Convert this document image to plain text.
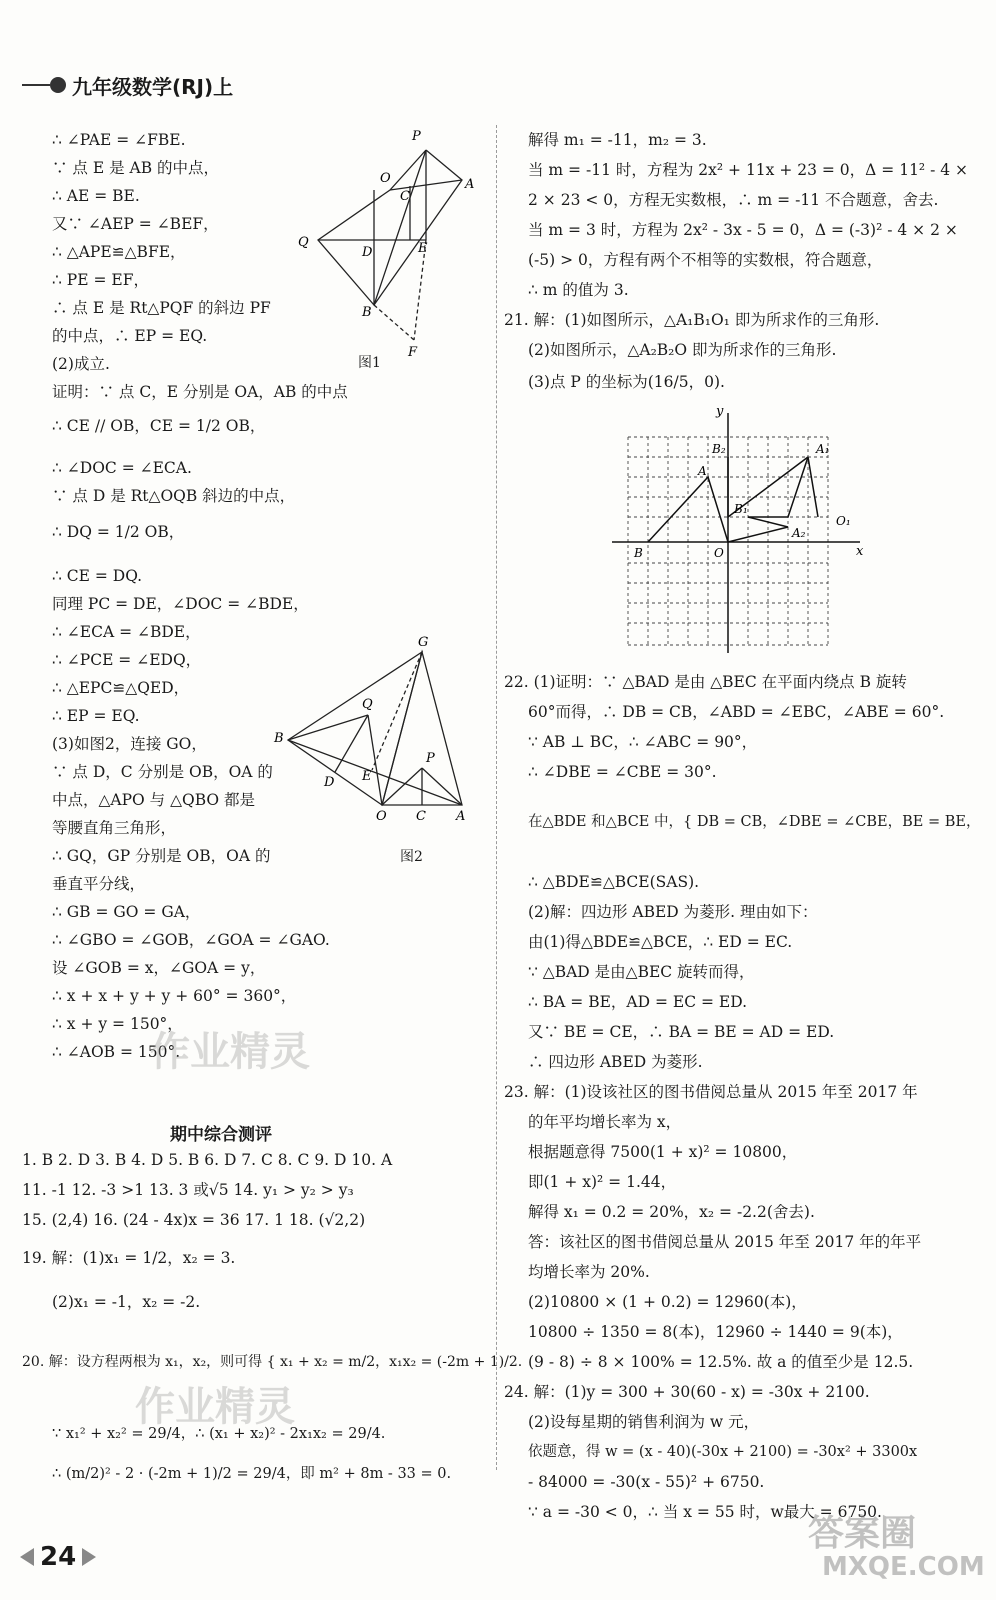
九年级数学(RJ)上
∴ ∠PAE = ∠FBE.
∵ 点 E 是 AB 的中点，
∴ AE = BE.
又∵ ∠AEP = ∠BEF，
∴ △APE≌△BFE，
∴ PE = EF，
∴ 点 E 是 Rt△PQF 的斜边 PF
的中点，∴ EP = EQ.
(2)成立.
证明：∵ 点 C，E 分别是 OA，AB 的中点
∴ CE // OB，CE = 1/2 OB，
∴ ∠DOC = ∠ECA.
∵ 点 D 是 Rt△OQB 斜边的中点，
∴ DQ = 1/2 OB，
∴ CE = DQ.
同理 PC = DE，∠DOC = ∠BDE，
∴ ∠ECA = ∠BDE，
∴ ∠PCE = ∠EDQ，
∴ △EPC≌△QED，
∴ EP = EQ.
(3)如图2，连接 GO，
∵ 点 D，C 分别是 OB，OA 的
中点，△APO 与 △QBO 都是
等腰直角三角形，
∴ GQ，GP 分别是 OB，OA 的
垂直平分线，
∴ GB = GO = GA，
∴ ∠GBO = ∠GOB，∠GOA = ∠GAO.
设 ∠GOB = x，∠GOA = y，
∴ x + x + y + y + 60° = 360°，
∴ x + y = 150°，
∴ ∠AOB = 150°.
P
O
C
A
Q
D	E
B
F
图1
G
Q
B
E
P
D
O C A
图2
作业精灵
期中综合测评
1. B 2. D 3. B 4. D 5. B 6. D 7. C 8. C 9. D 10. A
11. -1 12. -3 >1 13. 3 或√5 14. y₁ > y₂ > y₃
15. (2,4) 16. (24 - 4x)x = 36 17. 1 18. (√2,2)
19. 解：(1)x₁ = 1/2，x₂ = 3.
(2)x₁ = -1，x₂ = -2.
20. 解：设方程两根为 x₁，x₂，则可得 { x₁ + x₂ = m/2，x₁x₂ = (-2m + 1)/2.
∵ x₁² + x₂² = 29/4，∴ (x₁ + x₂)² - 2x₁x₂ = 29/4.
∴ (m/2)² - 2 · (-2m + 1)/2 = 29/4，即 m² + 8m - 33 = 0.
作业精灵
解得 m₁ = -11，m₂ = 3.
当 m = -11 时，方程为 2x² + 11x + 23 = 0，Δ = 11² - 4 ×
2 × 23 < 0，方程无实数根，∴ m = -11 不合题意，舍去.
当 m = 3 时，方程为 2x² - 3x - 5 = 0，Δ = (-3)² - 4 × 2 ×
(-5) > 0，方程有两个不相等的实数根，符合题意，
∴ m 的值为 3.
21. 解：(1)如图所示，△A₁B₁O₁ 即为所求作的三角形.
(2)如图所示，△A₂B₂O 即为所求作的三角形.
(3)点 P 的坐标为(16/5，0).
y
x
B₂
A
A₁
B₁
O₁
A₂
B	O
22. (1)证明：∵ △BAD 是由 △BEC 在平面内绕点 B 旋转
60°而得，∴ DB = CB，∠ABD = ∠EBC，∠ABE = 60°.
∵ AB ⊥ BC，∴ ∠ABC = 90°，
∴ ∠DBE = ∠CBE = 30°.
在△BDE 和△BCE 中，{ DB = CB，∠DBE = ∠CBE，BE = BE，
∴ △BDE≌△BCE(SAS).
(2)解：四边形 ABED 为菱形. 理由如下：
由(1)得△BDE≌△BCE，∴ ED = EC.
∵ △BAD 是由△BEC 旋转而得，
∴ BA = BE，AD = EC = ED.
又∵ BE = CE，∴ BA = BE = AD = ED.
∴ 四边形 ABED 为菱形.
23. 解：(1)设该社区的图书借阅总量从 2015 年至 2017 年
的年平均增长率为 x，
根据题意得 7500(1 + x)² = 10800，
即(1 + x)² = 1.44，
解得 x₁ = 0.2 = 20%，x₂ = -2.2(舍去).
答：该社区的图书借阅总量从 2015 年至 2017 年的年平
均增长率为 20%.
(2)10800 × (1 + 0.2) = 12960(本)，
10800 ÷ 1350 = 8(本)，12960 ÷ 1440 = 9(本)，
(9 - 8) ÷ 8 × 100% = 12.5%. 故 a 的值至少是 12.5.
24. 解：(1)y = 300 + 30(60 - x) = -30x + 2100.
(2)设每星期的销售利润为 w 元，
依题意，得 w = (x - 40)(-30x + 2100) = -30x² + 3300x
- 84000 = -30(x - 55)² + 6750.
∵ a = -30 < 0，∴ 当 x = 55 时，w最大 = 6750.
24
答案圈
MXQE.COM
